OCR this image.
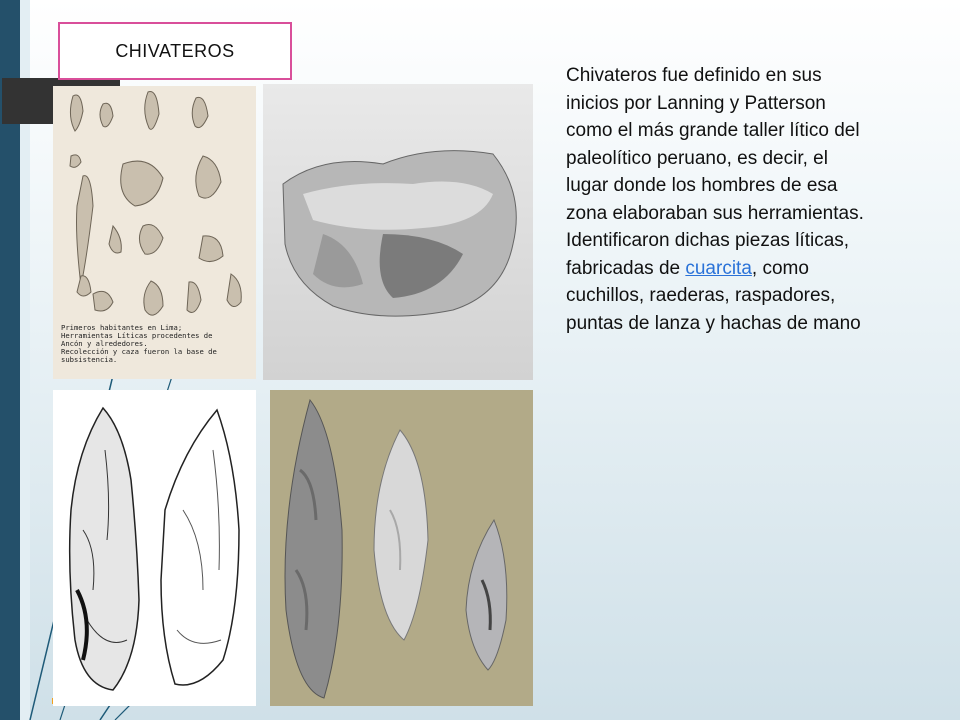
CHIVATEROS
Primeros habitantes en Lima;
Herramientas Líticas procedentes de
Ancón y alrededores.
Recolección y caza fueron la base de
subsistencia.
Chivateros fue definido en sus inicios por Lanning y Patterson como el más grande taller lítico del paleolítico peruano, es decir, el lugar donde los hombres de esa zona elaboraban sus herramientas. Identificaron dichas piezas líticas, fabricadas de cuarcita, como cuchillos, raederas, raspadores, puntas de lanza y hachas de mano
